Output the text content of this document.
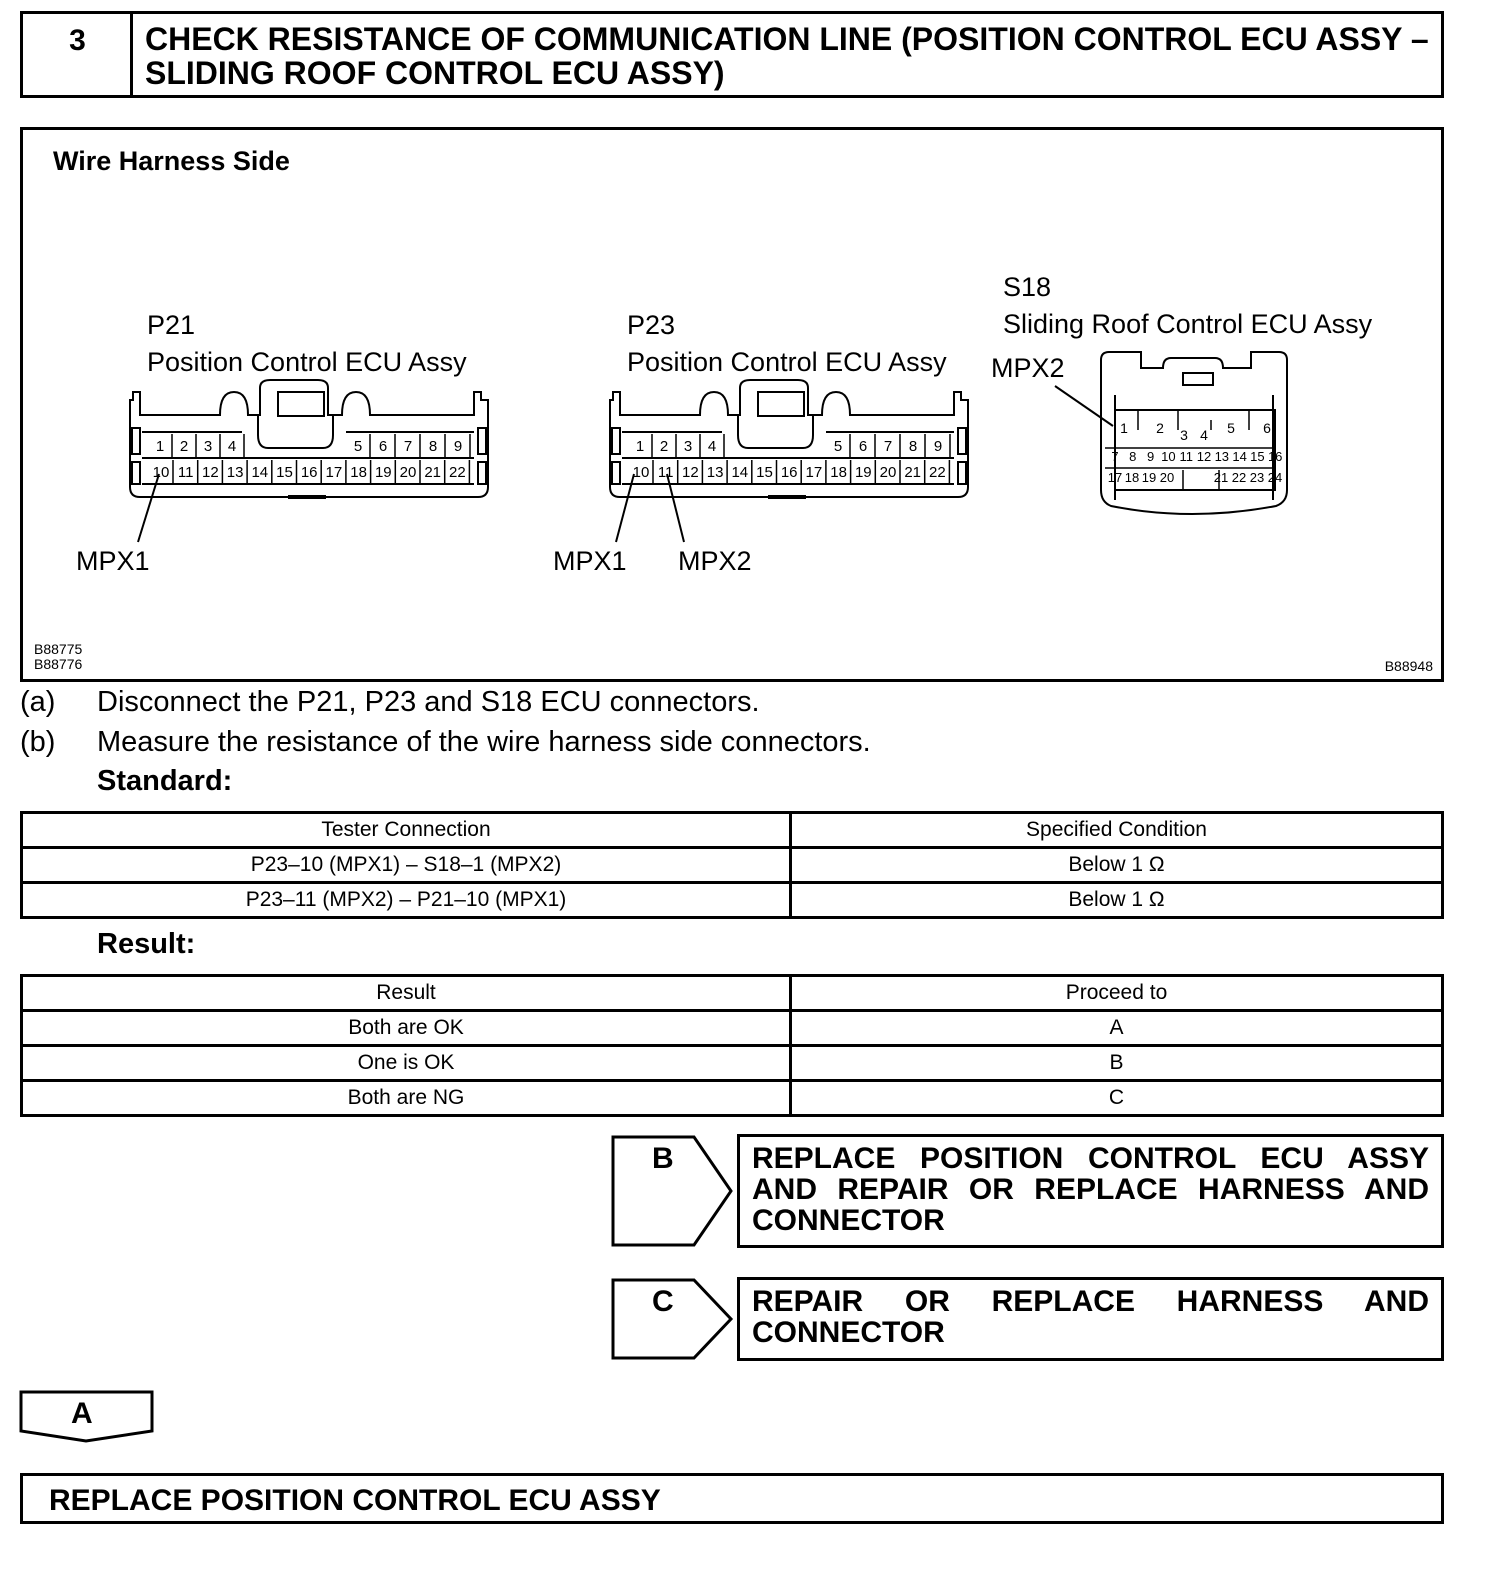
3	CHECK RESISTANCE OF COMMUNICATION LINE (POSITION CONTROL ECU ASSY – SLIDING ROOF CONTROL ECU ASSY)
Wire Harness Side
P21
Position Control ECU Assy
MPX1
P23
Position Control ECU Assy
MPX1 MPX2
S18
Sliding Roof Control ECU Assy
MPX2
B88775
B88776	B88948
1 2 3 4	5 6 7 8 9
10 11 12 13 14 15 16 17 18 19 20 21 22
1 2 3 4	5 6 7 8 9
10 11 12 13 14 15 16 17 18 19 20 21 22
1 2 3 4 5 6
7 8 9 10 11 12 13 14 15 16
17 18 19 20	21 22 23 24
(a) Disconnect the P21, P23 and S18 ECU connectors.
(b) Measure the resistance of the wire harness side connectors.
Standard:
Tester Connection	Specified Condition
P23–10 (MPX1) – S18–1 (MPX2)	Below 1 Ω
P23–11 (MPX2) – P21–10 (MPX1)	Below 1 Ω
Result:
Result	Proceed to
Both are OK	A
One is OK	B
Both are NG	C
B	REPLACE POSITION CONTROL ECU ASSY AND REPAIR OR REPLACE HARNESS AND CONNECTOR
C	REPAIR OR REPLACE HARNESS AND CONNECTOR
A
REPLACE POSITION CONTROL ECU ASSY
